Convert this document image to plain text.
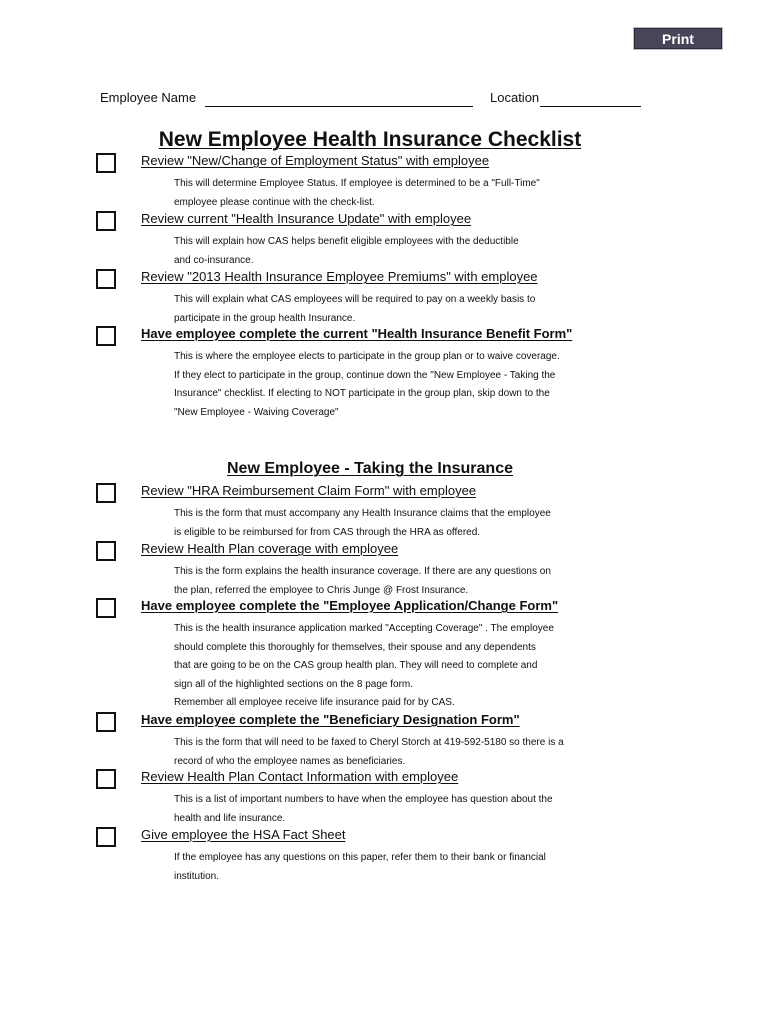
Print
Employee Name	Location
New Employee Health Insurance Checklist
New Employee - Taking the Insurance
Review "New/Change of Employment Status" with employee
This will determine Employee Status. If employee is determined to be a "Full-Time"
employee please continue with the check-list.
Review current "Health Insurance Update" with employee
This will explain how CAS helps benefit eligible employees with the deductible
and co-insurance.
Review "2013 Health Insurance Employee Premiums" with employee
This will explain what CAS employees will be required to pay on a weekly basis to
participate in the group health Insurance.
Have employee complete the current "Health Insurance Benefit Form"
This is where the employee elects to participate in the group plan or to waive coverage.
If they elect to participate in the group, continue down the "New Employee - Taking the
Insurance" checklist. If electing to NOT participate in the group plan, skip down to the
"New Employee - Waiving Coverage"
Review "HRA Reimbursement Claim Form" with employee
This is the form that must accompany any Health Insurance claims that the employee
is eligible to be reimbursed for from CAS through the HRA as offered.
Review Health Plan coverage with employee
This is the form explains the health insurance coverage. If there are any questions on
the plan, referred the employee to Chris Junge @ Frost Insurance.
Have employee complete the "Employee Application/Change Form"
This is the health insurance application marked "Accepting Coverage" . The employee
should complete this thoroughly for themselves, their spouse and any dependents
that are going to be on the CAS group health plan. They will need to complete and
sign all of the highlighted sections on the 8 page form.
Remember all employee receive life insurance paid for by CAS.
Have employee complete the "Beneficiary Designation Form"
This is the form that will need to be faxed to Cheryl Storch at 419-592-5180 so there is a
record of who the employee names as beneficiaries.
Review Health Plan Contact Information with employee
This is a list of important numbers to have when the employee has question about the
health and life insurance.
Give employee the HSA Fact Sheet
If the employee has any questions on this paper, refer them to their bank or financial
institution.
